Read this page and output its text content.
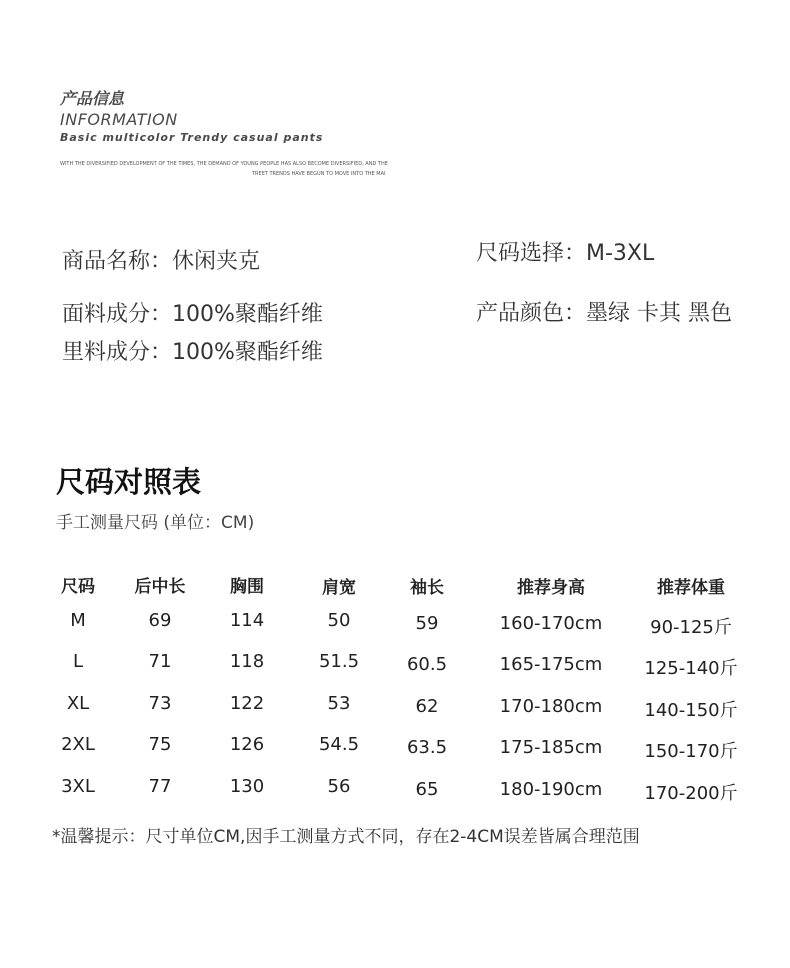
产品信息
INFORMATION
Basic multicolor Trendy casual pants
WITH THE DIVERSIFIED DEVELOPMENT OF THE TIMES, THE DEMAND OF YOUNG PEOPLE HAS ALSO BECOME DIVERSIFIED, AND THE
TREET TRENDS HAVE BEGUN TO MOVE INTO THE MAI
商品名称：休闲夹克	尺码选择：M-3XL
面料成分：100%聚酯纤维	产品颜色：墨绿 卡其 黑色
里料成分：100%聚酯纤维
尺码对照表
手工测量尺码 (单位：CM)
尺码 后中长	胸围	肩宽	袖长	推荐身高	推荐体重
M	69	114	50	59	160-170cm	90-125斤
L	71	118	51.5	60.5	165-175cm 125-140斤
XL	73	122	53	62	170-180cm 140-150斤
2XL	75	126	54.5	63.5	175-185cm 150-170斤
3XL	77	130	56	65	180-190cm 170-200斤
*温馨提示：尺寸单位CM,因手工测量方式不同，存在2-4CM误差皆属合理范围
